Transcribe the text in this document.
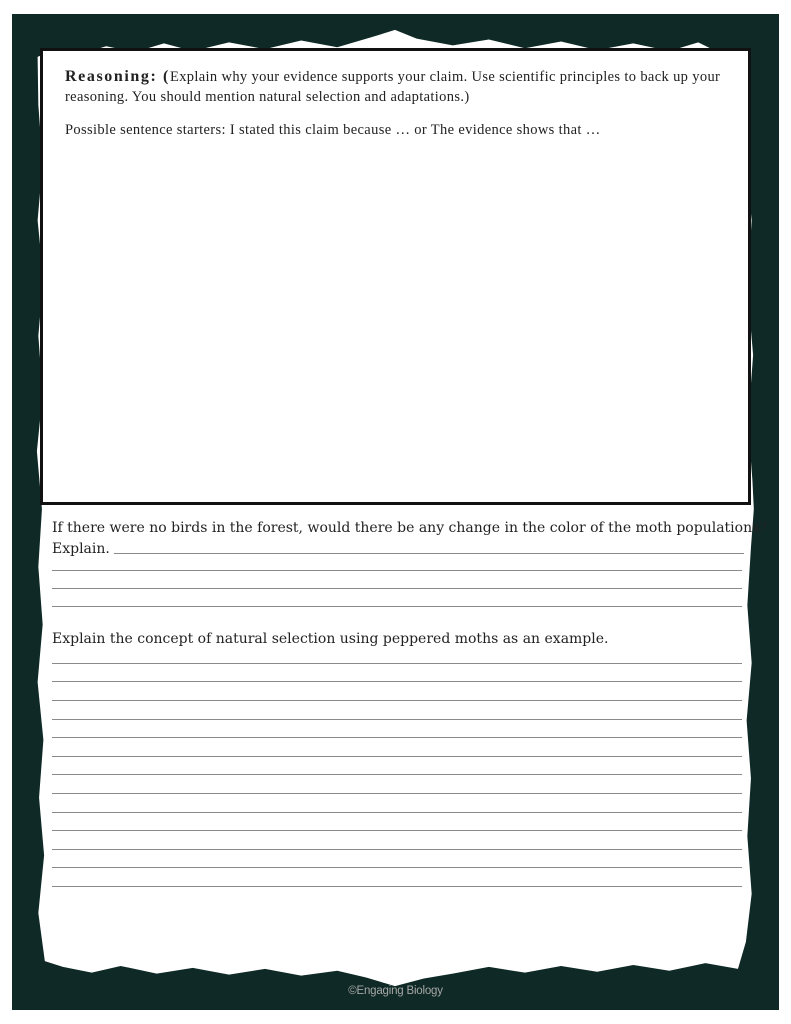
Reasoning: (Explain why your evidence supports your claim. Use scientific principles to back up your reasoning. You should mention natural selection and adaptations.)
Possible sentence starters: I stated this claim because … or The evidence shows that …
If there were no birds in the forest, would there be any change in the color of the moth populations?
Explain.
Explain the concept of natural selection using peppered moths as an example.
©Engaging Biology
